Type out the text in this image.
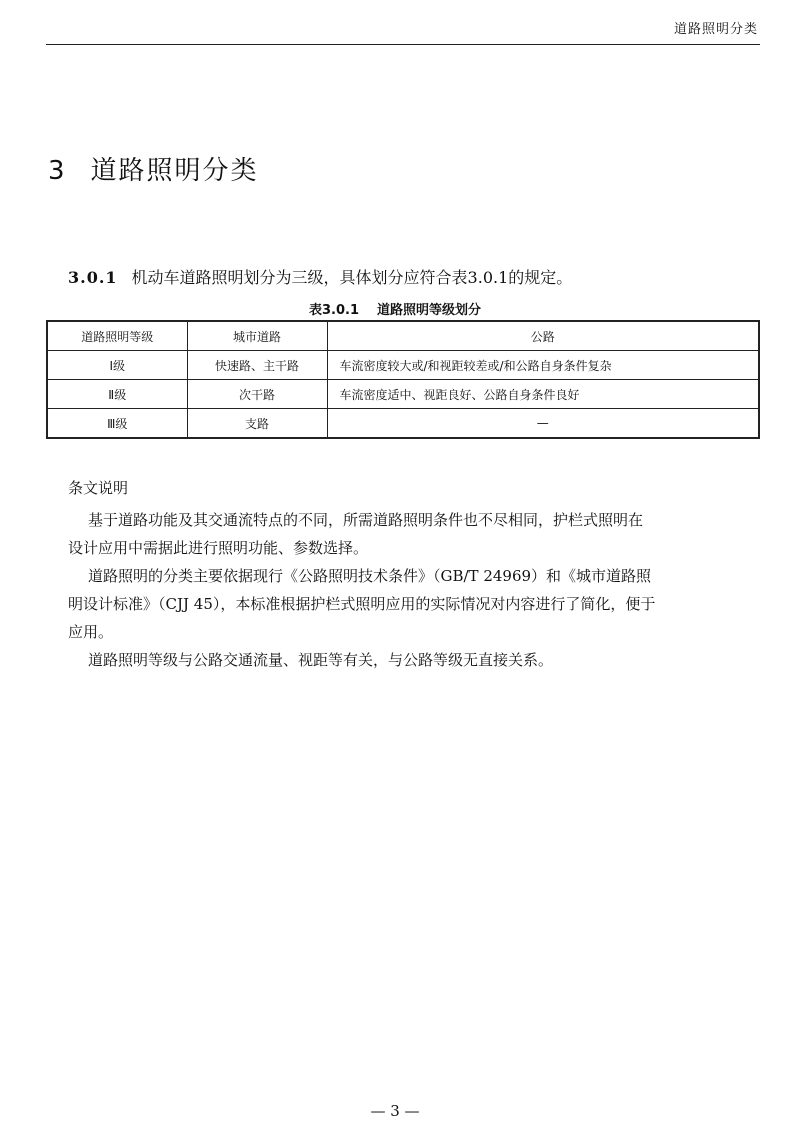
道路照明分类
3 道路照明分类
3.0.1 机动车道路照明划分为三级，具体划分应符合表3.0.1的规定。
表3.0.1 道路照明等级划分
道路照明等级	城市道路	公路
Ⅰ级	快速路、主干路	车流密度较大或/和视距较差或/和公路自身条件复杂
Ⅱ级	次干路	车流密度适中、视距良好、公路自身条件良好
Ⅲ级	支路	—

条文说明

基于道路功能及其交通流特点的不同，所需道路照明条件也不尽相同，护栏式照明在

设计应用中需据此进行照明功能、参数选择。

道路照明的分类主要依据现行《公路照明技术条件》（GB/T 24969）和《城市道路照

明设计标准》（CJJ 45），本标准根据护栏式照明应用的实际情况对内容进行了简化，便于

应用。

道路照明等级与公路交通流量、视距等有关，与公路等级无直接关系。

— 3 —
